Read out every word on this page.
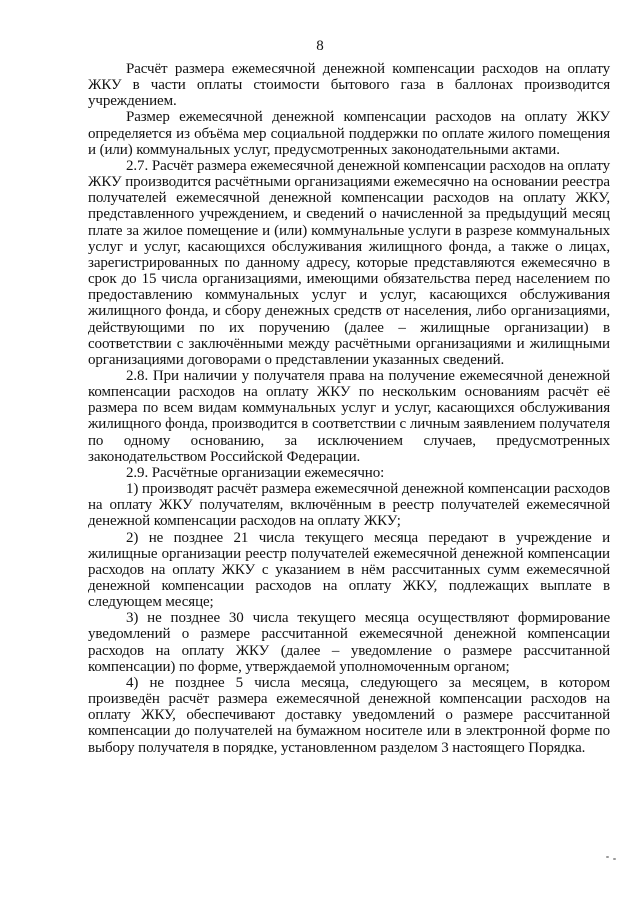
8

Расчёт размера ежемесячной денежной компенсации расходов на оплату ЖКУ в части оплаты стоимости бытового газа в баллонах производится учреждением.

Размер ежемесячной денежной компенсации расходов на оплату ЖКУ определяется из объёма мер социальной поддержки по оплате жилого помещения и (или) коммунальных услуг, предусмотренных законодательными актами.

2.7. Расчёт размера ежемесячной денежной компенсации расходов на оплату ЖКУ производится расчётными организациями ежемесячно на основании реестра получателей ежемесячной денежной компенсации расходов на оплату ЖКУ, представленного учреждением, и сведений о начисленной за предыдущий месяц плате за жилое помещение и (или) коммунальные услуги в разрезе коммунальных услуг и услуг, касающихся обслуживания жилищного фонда, а также о лицах, зарегистрированных по данному адресу, которые представляются ежемесячно в срок до 15 числа организациями, имеющими обязательства перед населением по предоставлению коммунальных услуг и услуг, касающихся обслуживания жилищного фонда, и сбору денежных средств от населения, либо организациями, действующими по их поручению (далее – жилищные организации) в соответствии с заключёнными между расчётными организациями и жилищными организациями договорами о представлении указанных сведений.

2.8. При наличии у получателя права на получение ежемесячной денежной компенсации расходов на оплату ЖКУ по нескольким основаниям расчёт её размера по всем видам коммунальных услуг и услуг, касающихся обслуживания жилищного фонда, производится в соответствии с личным заявлением получателя по одному основанию, за исключением случаев, предусмотренных законодательством Российской Федерации.

2.9. Расчётные организации ежемесячно:

1) производят расчёт размера ежемесячной денежной компенсации расходов на оплату ЖКУ получателям, включённым в реестр получателей ежемесячной денежной компенсации расходов на оплату ЖКУ;

2) не позднее 21 числа текущего месяца передают в учреждение и жилищные организации реестр получателей ежемесячной денежной компенсации расходов на оплату ЖКУ с указанием в нём рассчитанных сумм ежемесячной денежной компенсации расходов на оплату ЖКУ, подлежащих выплате в следующем месяце;

3) не позднее 30 числа текущего месяца осуществляют формирование уведомлений о размере рассчитанной ежемесячной денежной компенсации расходов на оплату ЖКУ (далее – уведомление о размере рассчитанной компенсации) по форме, утверждаемой уполномоченным органом;

4) не позднее 5 числа месяца, следующего за месяцем, в котором произведён расчёт размера ежемесячной денежной компенсации расходов на оплату ЖКУ, обеспечивают доставку уведомлений о размере рассчитанной компенсации до получателей на бумажном носителе или в электронной форме по выбору получателя в порядке, установленном разделом 3 настоящего Порядка.
